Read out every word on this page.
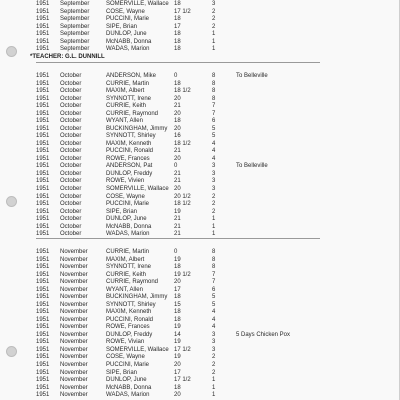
1951 September	SOMERVILLE, Wallace 18	3
1951 September	COSE, Wayne	17 1/2	2
1951 September	PUCCINI, Marie	18	2
1951 September	SIPE, Brian	17	2
1951 September	DUNLOP, June	18	1
1951 September	McNABB, Donna	18	1
1951 September	WADAS, Marion	18	1
*TEACHER: G.L. DUNNILL
1951 October	ANDERSON, Mike	0	8	To Belleville
1951 October	CURRIE, Martin	18	8
1951 October	MAXIM, Albert	18 1/2	8
1951 October	SYNNOTT, Irene	20	8
1951 October	CURRIE, Keith	21	7
1951 October	CURRIE, Raymond	20	7
1951 October	WYANT, Allen	18	6
1951 October	BUCKINGHAM, Jimmy 20	5
1951 October	SYNNOTT, Shirley	16	5
1951 October	MAXIM, Kenneth	18 1/2	4
1951 October	PUCCINI, Ronald	21	4
1951 October	ROWE, Frances	20	4
1951 October	ANDERSON, Pat	0	3	To Belleville
1951 October	DUNLOP, Freddy	21	3
1951 October	ROWE, Vivien	21	3
1951 October	SOMERVILLE, Wallace 20	3
1951 October	COSE, Wayne	20 1/2	2
1951 October	PUCCINI, Marie	18 1/2	2
1951 October	SIPE, Brian	19	2
1951 October	DUNLOP, June	21	1
1951 October	McNABB, Donna	21	1
1951 October	WADAS, Marion	21	1
1951 November	CURRIE, Martin	0	8
1951 November	MAXIM, Albert	19	8
1951 November	SYNNOTT, Irene	18	8
1951 November	CURRIE, Keith	19 1/2	7
1951 November	CURRIE, Raymond	20	7
1951 November	WYANT, Allen	17	6
1951 November	BUCKINGHAM, Jimmy 18	5
1951 November	SYNNOTT, Shirley	15	5
1951 November	MAXIM, Kenneth	18	4
1951 November	PUCCINI, Ronald	18	4
1951 November	ROWE, Frances	19	4
1951 November	DUNLOP, Freddy	14	3	5 Days Chicken Pox
1951 November	ROWE, Vivian	19	3
1951 November	SOMERVILLE, Wallace 17 1/2	3
1951 November	COSE, Wayne	19	2
1951 November	PUCCINI, Marie	20	2
1951 November	SIPE, Brian	17	2
1951 November	DUNLOP, June	17 1/2	1
1951 November	McNABB, Donna	18	1
1951 November	WADAS, Marion	20	1
